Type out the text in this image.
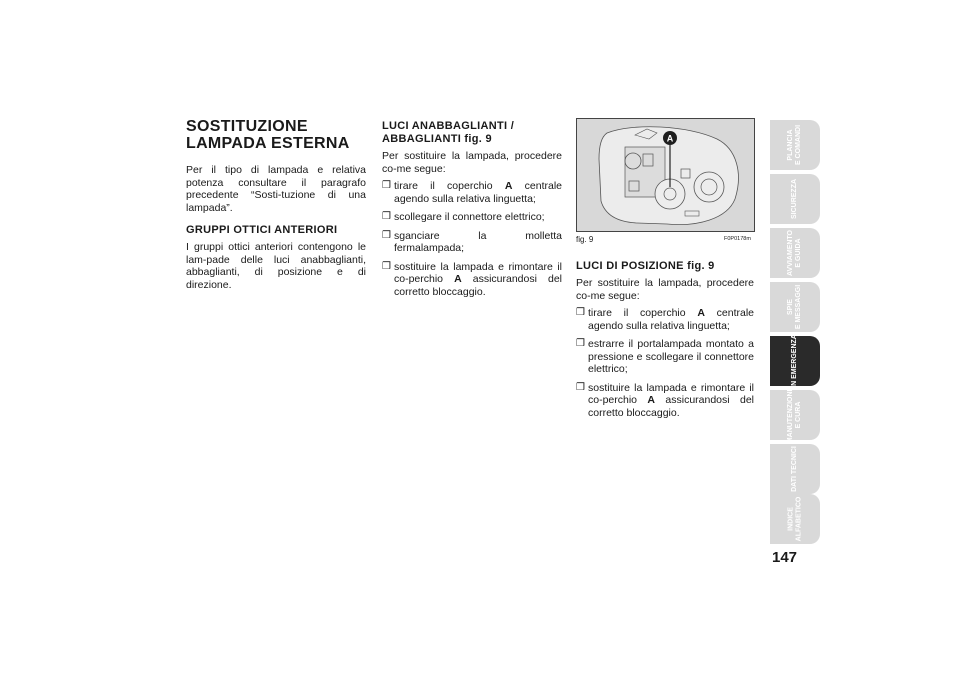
SOSTITUZIONE
LAMPADA ESTERNA

Per il tipo di lampada e relativa potenza consultare il paragrafo precedente “Sosti-tuzione di una lampada”.

GRUPPI OTTICI ANTERIORI

I gruppi ottici anteriori contengono le lam-pade delle luci anabbaglianti, abbaglianti, di posizione e di direzione.

LUCI ANABBAGLIANTI /
ABBAGLIANTI fig. 9

Per sostituire la lampada, procedere co-me segue:

❒ tirare il coperchio A centrale agendo sulla relativa linguetta;
❒ scollegare il connettore elettrico;
❒ sganciare la molletta fermalampada;
❒ sostituire la lampada e rimontare il co-perchio A assicurandosi del corretto bloccaggio.
A
fig. 9	F0P0178m
LUCI DI POSIZIONE fig. 9

Per sostituire la lampada, procedere co-me segue:

❒ tirare il coperchio A centrale agendo sulla relativa linguetta;
❒ estrarre il portalampada montato a pressione e scollegare il connettore elettrico;
❒ sostituire la lampada e rimontare il co-perchio A assicurandosi del corretto bloccaggio.
PLANCIA
E COMANDI
SICUREZZA
AVVIAMENTO
E GUIDA
SPIE
E MESSAGGI
IN EMERGENZA
MANUTENZIONE
E CURA
DATI TECNICI
INDICE
ALFABETICO
147
